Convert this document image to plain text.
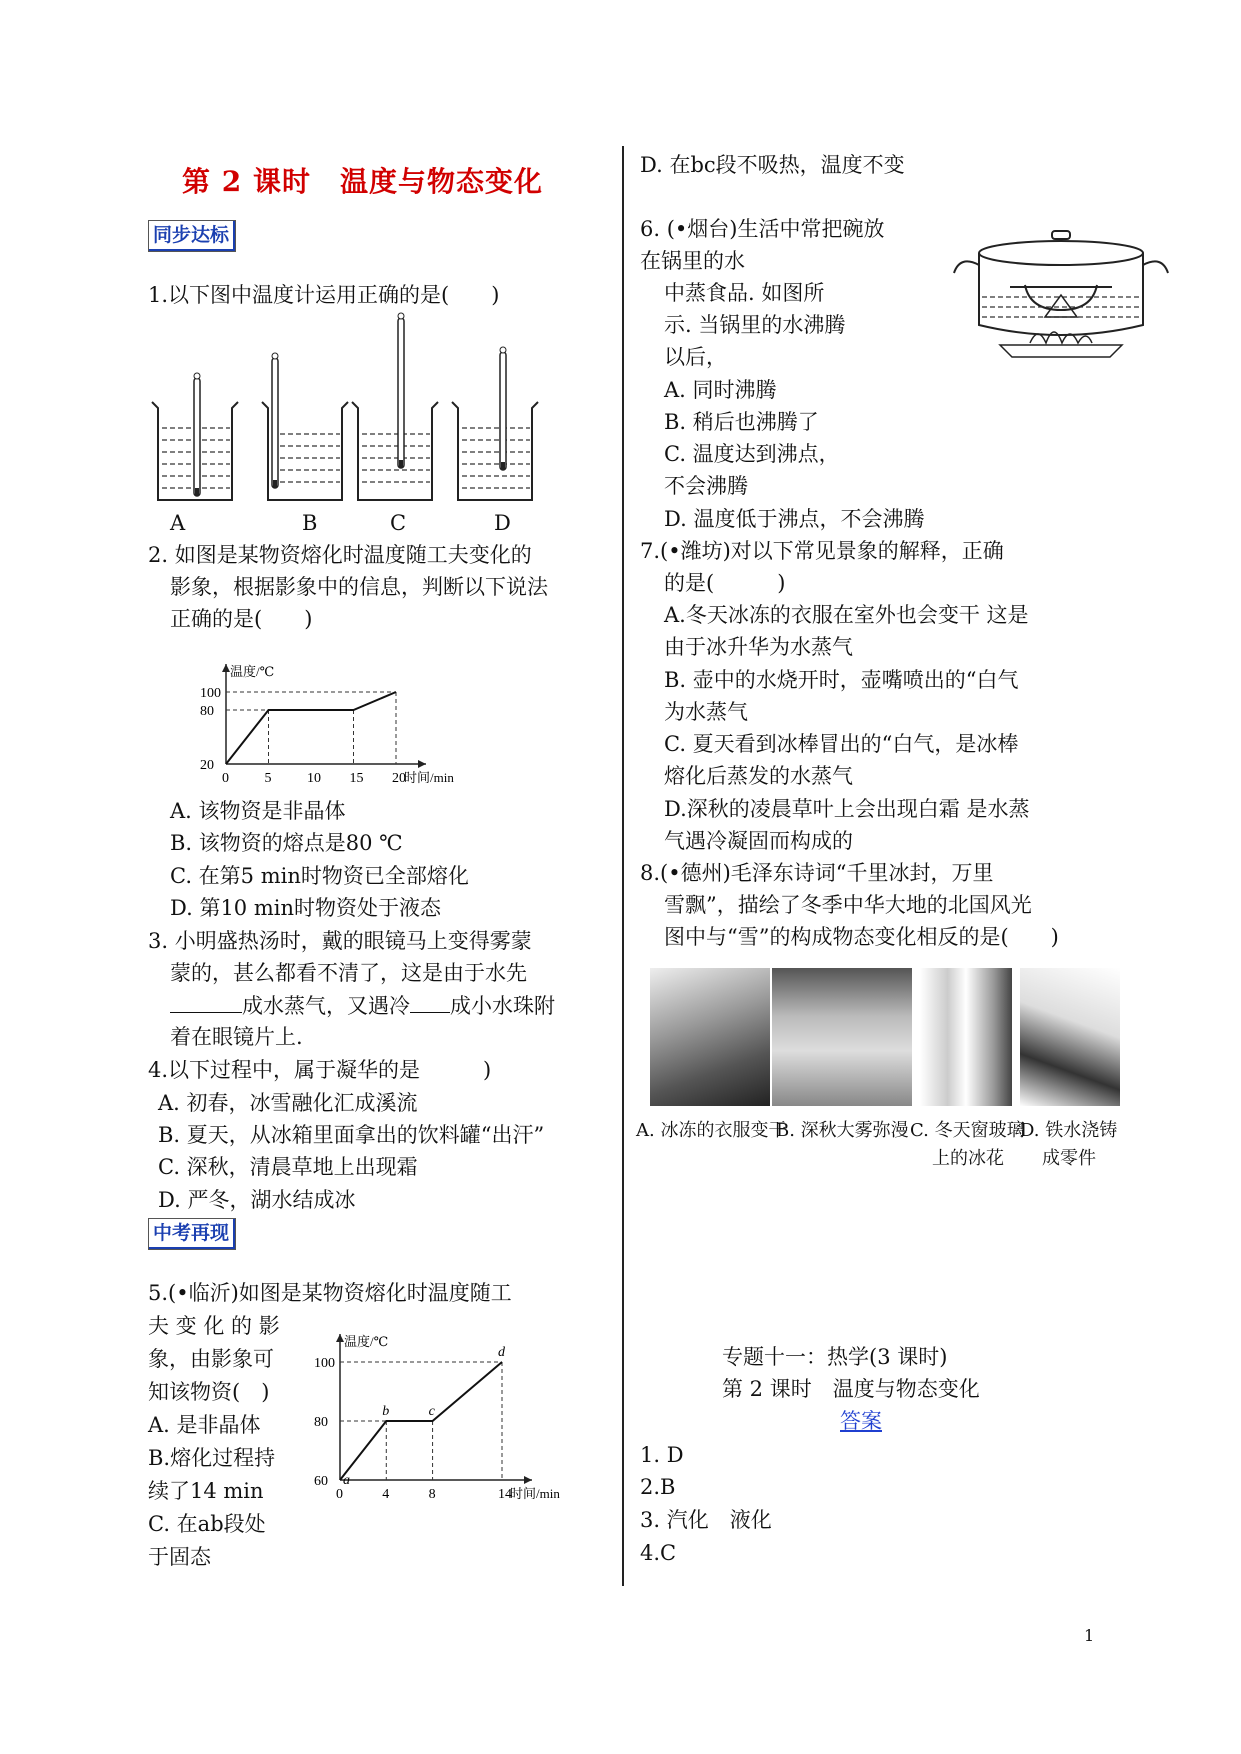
第 2 课时　温度与物态变化
同步达标
1.以下图中温度计运用正确的是(　　)
A	B	C	D
2. 如图是某物资熔化时温度随工夫变化的
影象，根据影象中的信息，判断以下说法
正确的是(　　)
温度/℃
时间/min
0	5	10 15 20
20
80
100
A. 该物资是非晶体
B. 该物资的熔点是80 ℃
C. 在第5 min时物资已全部熔化
D. 第10 min时物资处于液态
3. 小明盛热汤时，戴的眼镜马上变得雾蒙
蒙的，甚么都看不清了，这是由于水先
成水蒸气，又遇冷 成小水珠附
着在眼镜片上.
4.以下过程中，属于凝华的是　　　)
A. 初春，冰雪融化汇成溪流
B. 夏天，从冰箱里面拿出的饮料罐“出汗”
C. 深秋，清晨草地上出现霜
D. 严冬，湖水结成冰
中考再现
5.(•临沂)如图是某物资熔化时温度随工
夫 变 化 的 影
象，由影象可
知该物资(　)
A. 是非晶体
B.熔化过程持
续了14 min
C. 在ab段处
于固态
温度/℃
时间/min
0	4	8	14
60
80
100
a
b	c
d
D. 在bc段不吸热，温度不变
6. (•烟台)生活中常把碗放
在锅里的水
中蒸食品. 如图所
示. 当锅里的水沸腾
以后，
A. 同时沸腾
B. 稍后也沸腾了
C. 温度达到沸点，
不会沸腾
D. 温度低于沸点，不会沸腾
7.(•潍坊)对以下常见景象的解释，正确
的是(　　　)
A.冬天冰冻的衣服在室外也会变干 这是
由于冰升华为水蒸气
B. 壶中的水烧开时，壶嘴喷出的“白气
为水蒸气
C. 夏天看到冰棒冒出的“白气，是冰棒
熔化后蒸发的水蒸气
D.深秋的凌晨草叶上会出现白霜 是水蒸
气遇冷凝固而构成的
8.(•德州)毛泽东诗词“千里冰封，万里
雪飘”，描绘了冬季中华大地的北国风光
图中与“雪”的构成物态变化相反的是(　　)
A. 冰冻的衣服变干
B. 深秋大雾弥漫 C. 冬天窗玻璃
上的冰花
D. 铁水浇铸
成零件
专题十一：热学(3 课时)
第 2 课时　温度与物态变化
答案
1. D
2.B
3. 汽化　液化
4.C
1
